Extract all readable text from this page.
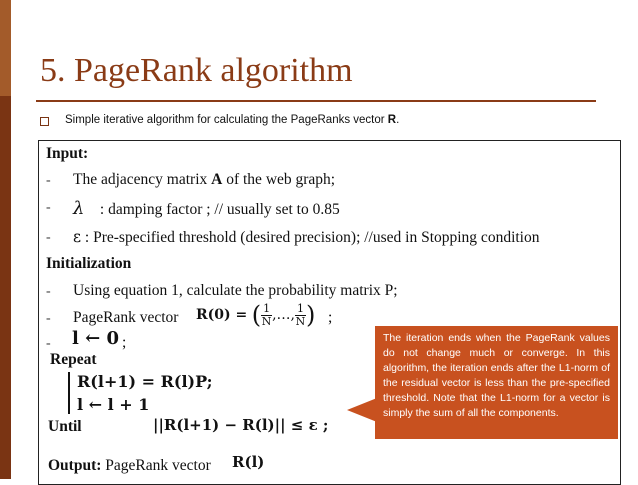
5. PageRank algorithm
Simple iterative algorithm for calculating the PageRanks vector R.
Input:
- The adjacency matrix A of the web graph;
- λ : damping factor ; // usually set to 0.85
- ε : Pre-specified threshold (desired precision); //used in Stopping condition
Initialization
- Using equation 1, calculate the probability matrix P;
- PageRank vector R(0) = ( $\frac{1}{N}$ ,…, $\frac{1}{N}$ ) ;
- l ← 0 ;
Repeat
R(l+1) = R(l)P;
l ← l + 1
Until	||R(l+1) − R(l)|| ≤ ε ;
Output: PageRank vector R(l)
The iteration ends when the PageRank values do not change much or converge. In this algorithm, the iteration ends after the L1-norm of the residual vector is less than the pre-specified threshold. Note that the L1-norm for a vector is simply the sum of all the components.
